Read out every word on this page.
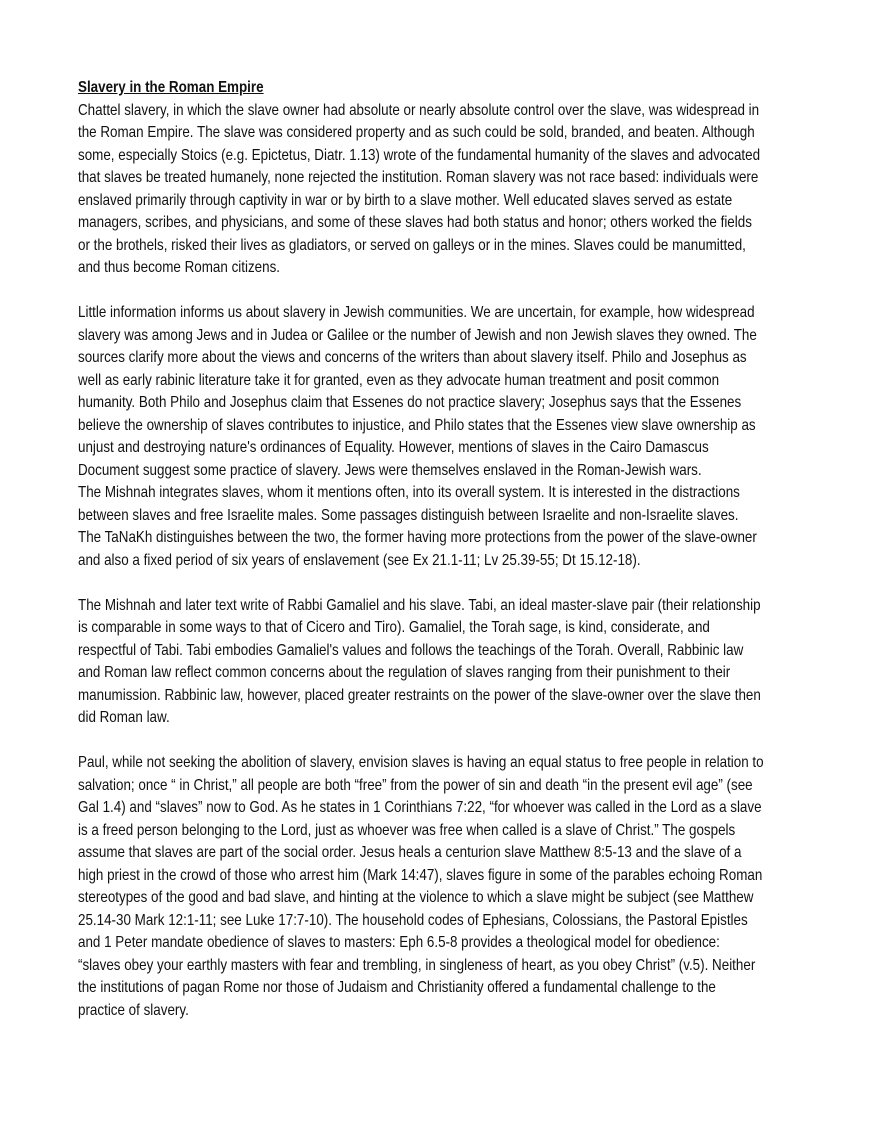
Slavery in the Roman Empire

Chattel slavery, in which the slave owner had absolute or nearly absolute control over the slave, was widespread in
the Roman Empire. The slave was considered property and as such could be sold, branded, and beaten. Although
some, especially Stoics (e.g. Epictetus, Diatr. 1.13) wrote of the fundamental humanity of the slaves and advocated
that slaves be treated humanely, none rejected the institution. Roman slavery was not race based: individuals were
enslaved primarily through captivity in war or by birth to a slave mother. Well educated slaves served as estate
managers, scribes, and physicians, and some of these slaves had both status and honor; others worked the fields
or the brothels, risked their lives as gladiators, or served on galleys or in the mines. Slaves could be manumitted,
and thus become Roman citizens.

Little information informs us about slavery in Jewish communities. We are uncertain, for example, how widespread
slavery was among Jews and in Judea or Galilee or the number of Jewish and non Jewish slaves they owned. The
sources clarify more about the views and concerns of the writers than about slavery itself. Philo and Josephus as
well as early rabinic literature take it for granted, even as they advocate human treatment and posit common
humanity. Both Philo and Josephus claim that Essenes do not practice slavery; Josephus says that the Essenes
believe the ownership of slaves contributes to injustice, and Philo states that the Essenes view slave ownership as
unjust and destroying nature's ordinances of Equality. However, mentions of slaves in the Cairo Damascus
Document suggest some practice of slavery. Jews were themselves enslaved in the Roman-Jewish wars.

The Mishnah integrates slaves, whom it mentions often, into its overall system. It is interested in the distractions
between slaves and free Israelite males. Some passages distinguish between Israelite and non-Israelite slaves.
The TaNaKh distinguishes between the two, the former having more protections from the power of the slave-owner
and also a fixed period of six years of enslavement (see Ex 21.1-11; Lv 25.39-55; Dt 15.12-18).

The Mishnah and later text write of Rabbi Gamaliel and his slave. Tabi, an ideal master-slave pair (their relationship
is comparable in some ways to that of Cicero and Tiro). Gamaliel, the Torah sage, is kind, considerate, and
respectful of Tabi. Tabi embodies Gamaliel's values and follows the teachings of the Torah. Overall, Rabbinic law
and Roman law reflect common concerns about the regulation of slaves ranging from their punishment to their
manumission. Rabbinic law, however, placed greater restraints on the power of the slave-owner over the slave then
did Roman law.

Paul, while not seeking the abolition of slavery, envision slaves is having an equal status to free people in relation to
salvation; once “ in Christ,” all people are both “free” from the power of sin and death “in the present evil age” (see
Gal 1.4) and “slaves” now to God. As he states in 1 Corinthians 7:22, “for whoever was called in the Lord as a slave
is a freed person belonging to the Lord, just as whoever was free when called is a slave of Christ.” The gospels
assume that slaves are part of the social order. Jesus heals a centurion slave Matthew 8:5-13 and the slave of a
high priest in the crowd of those who arrest him (Mark 14:47), slaves figure in some of the parables echoing Roman
stereotypes of the good and bad slave, and hinting at the violence to which a slave might be subject (see Matthew
25.14-30 Mark 12:1-11; see Luke 17:7-10). The household codes of Ephesians, Colossians, the Pastoral Epistles
and 1 Peter mandate obedience of slaves to masters: Eph 6.5-8 provides a theological model for obedience:
“slaves obey your earthly masters with fear and trembling, in singleness of heart, as you obey Christ” (v.5). Neither
the institutions of pagan Rome nor those of Judaism and Christianity offered a fundamental challenge to the
practice of slavery.
